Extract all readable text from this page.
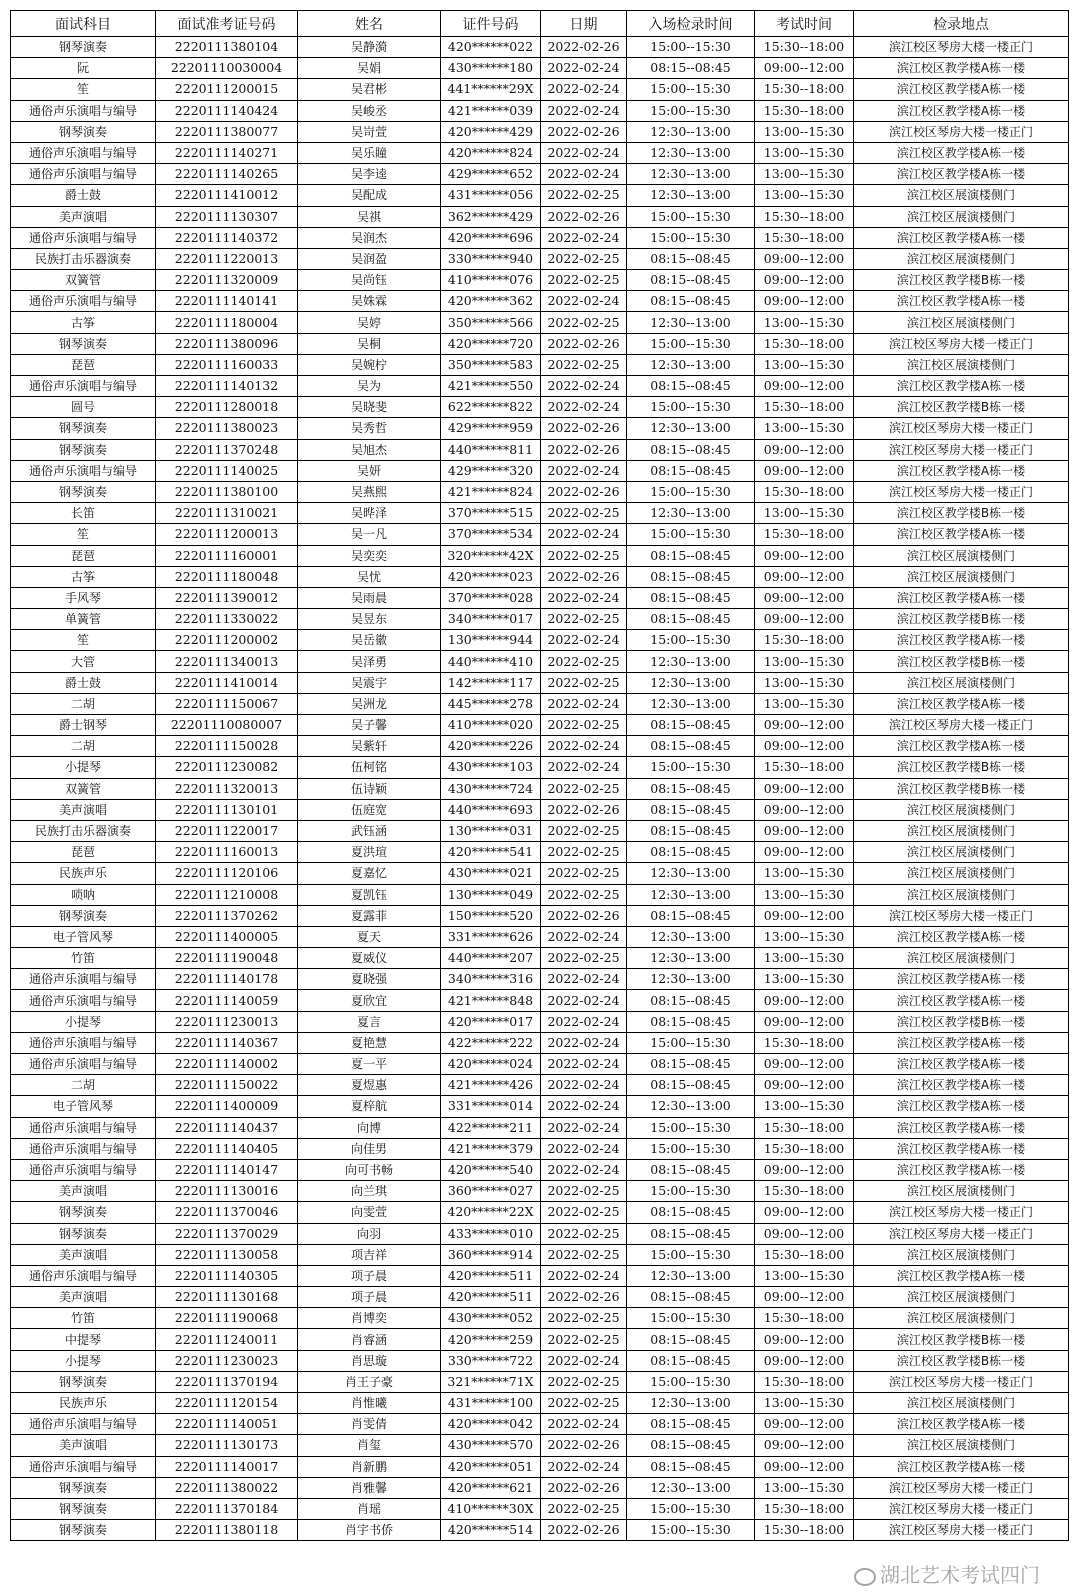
面试科目	面试准考证号码	姓名	证件号码	日期	入场检录时间	考试时间	检录地点
钢琴演奏	2220111380104	吴静漪	420******022	2022-02-26	15:00--15:30	15:30--18:00	滨江校区琴房大楼一楼正门
阮	22201110030004	吴娟	430******180	2022-02-24	08:15--08:45	09:00--12:00	滨江校区教学楼A栋一楼
笙	2220111200015	吴君彬	441******29X	2022-02-24	15:00--15:30	15:30--18:00	滨江校区教学楼A栋一楼
通俗声乐演唱与编导	2220111140424	吴峻丞	421******039	2022-02-24	15:00--15:30	15:30--18:00	滨江校区教学楼A栋一楼
钢琴演奏	2220111380077	吴岢萱	420******429	2022-02-26	12:30--13:00	13:00--15:30	滨江校区琴房大楼一楼正门
通俗声乐演唱与编导	2220111140271	吴乐瞳	420******824	2022-02-24	12:30--13:00	13:00--15:30	滨江校区教学楼A栋一楼
通俗声乐演唱与编导	2220111140265	吴李逵	429******652	2022-02-24	12:30--13:00	13:00--15:30	滨江校区教学楼A栋一楼
爵士鼓	2220111410012	吴配成	431******056	2022-02-25	12:30--13:00	13:00--15:30	滨江校区展演楼侧门
美声演唱	2220111130307	吴祺	362******429	2022-02-26	15:00--15:30	15:30--18:00	滨江校区展演楼侧门
通俗声乐演唱与编导	2220111140372	吴润杰	420******696	2022-02-24	15:00--15:30	15:30--18:00	滨江校区教学楼A栋一楼
民族打击乐器演奏	2220111220013	吴润盈	330******940	2022-02-25	08:15--08:45	09:00--12:00	滨江校区展演楼侧门
双簧管	2220111320009	吴尚钰	410******076	2022-02-25	08:15--08:45	09:00--12:00	滨江校区教学楼B栋一楼
通俗声乐演唱与编导	2220111140141	吴姝霖	420******362	2022-02-24	08:15--08:45	09:00--12:00	滨江校区教学楼A栋一楼
古筝	2220111180004	吴婷	350******566	2022-02-25	12:30--13:00	13:00--15:30	滨江校区展演楼侧门
钢琴演奏	2220111380096	吴桐	420******720	2022-02-26	15:00--15:30	15:30--18:00	滨江校区琴房大楼一楼正门
琵琶	2220111160033	吴婉柠	350******583	2022-02-25	12:30--13:00	13:00--15:30	滨江校区展演楼侧门
通俗声乐演唱与编导	2220111140132	吴为	421******550	2022-02-24	08:15--08:45	09:00--12:00	滨江校区教学楼A栋一楼
圆号	2220111280018	吴晓斐	622******822	2022-02-24	15:00--15:30	15:30--18:00	滨江校区教学楼B栋一楼
钢琴演奏	2220111380023	吴秀哲	429******959	2022-02-26	12:30--13:00	13:00--15:30	滨江校区琴房大楼一楼正门
钢琴演奏	2220111370248	吴旭杰	440******811	2022-02-26	08:15--08:45	09:00--12:00	滨江校区琴房大楼一楼正门
通俗声乐演唱与编导	2220111140025	吴妍	429******320	2022-02-24	08:15--08:45	09:00--12:00	滨江校区教学楼A栋一楼
钢琴演奏	2220111380100	吴燕熙	421******824	2022-02-26	15:00--15:30	15:30--18:00	滨江校区琴房大楼一楼正门
长笛	2220111310021	吴晔泽	370******515	2022-02-25	12:30--13:00	13:00--15:30	滨江校区教学楼B栋一楼
笙	2220111200013	吴一凡	370******534	2022-02-24	15:00--15:30	15:30--18:00	滨江校区教学楼A栋一楼
琵琶	2220111160001	吴奕奕	320******42X	2022-02-25	08:15--08:45	09:00--12:00	滨江校区展演楼侧门
古筝	2220111180048	吴忧	420******023	2022-02-26	08:15--08:45	09:00--12:00	滨江校区展演楼侧门
手风琴	2220111390012	吴雨晨	370******028	2022-02-24	08:15--08:45	09:00--12:00	滨江校区教学楼A栋一楼
单簧管	2220111330022	吴昱东	340******017	2022-02-25	08:15--08:45	09:00--12:00	滨江校区教学楼B栋一楼
笙	2220111200002	吴岳徽	130******944	2022-02-24	15:00--15:30	15:30--18:00	滨江校区教学楼A栋一楼
大管	2220111340013	吴泽勇	440******410	2022-02-25	12:30--13:00	13:00--15:30	滨江校区教学楼B栋一楼
爵士鼓	2220111410014	吴震宇	142******117	2022-02-25	12:30--13:00	13:00--15:30	滨江校区展演楼侧门
二胡	2220111150067	吴洲龙	445******278	2022-02-24	12:30--13:00	13:00--15:30	滨江校区教学楼A栋一楼
爵士钢琴	22201110080007	吴子馨	410******020	2022-02-25	08:15--08:45	09:00--12:00	滨江校区琴房大楼一楼正门
二胡	2220111150028	吴紫轩	420******226	2022-02-24	08:15--08:45	09:00--12:00	滨江校区教学楼A栋一楼
小提琴	2220111230082	伍柯铭	430******103	2022-02-24	15:00--15:30	15:30--18:00	滨江校区教学楼B栋一楼
双簧管	2220111320013	伍诗颖	430******724	2022-02-25	08:15--08:45	09:00--12:00	滨江校区教学楼B栋一楼
美声演唱	2220111130101	伍庭宽	440******693	2022-02-26	08:15--08:45	09:00--12:00	滨江校区展演楼侧门
民族打击乐器演奏	2220111220017	武钰涵	130******031	2022-02-25	08:15--08:45	09:00--12:00	滨江校区展演楼侧门
琵琶	2220111160013	夏洪瑄	420******541	2022-02-25	08:15--08:45	09:00--12:00	滨江校区展演楼侧门
民族声乐	2220111120106	夏嘉忆	430******021	2022-02-25	12:30--13:00	13:00--15:30	滨江校区展演楼侧门
唢呐	2220111210008	夏凯钰	130******049	2022-02-25	12:30--13:00	13:00--15:30	滨江校区展演楼侧门
钢琴演奏	2220111370262	夏露菲	150******520	2022-02-26	08:15--08:45	09:00--12:00	滨江校区琴房大楼一楼正门
电子管风琴	2220111400005	夏天	331******626	2022-02-24	12:30--13:00	13:00--15:30	滨江校区教学楼A栋一楼
竹笛	2220111190048	夏威仪	440******207	2022-02-25	12:30--13:00	13:00--15:30	滨江校区展演楼侧门
通俗声乐演唱与编导	2220111140178	夏晓强	340******316	2022-02-24	12:30--13:00	13:00--15:30	滨江校区教学楼A栋一楼
通俗声乐演唱与编导	2220111140059	夏欣宜	421******848	2022-02-24	08:15--08:45	09:00--12:00	滨江校区教学楼A栋一楼
小提琴	2220111230013	夏言	420******017	2022-02-24	08:15--08:45	09:00--12:00	滨江校区教学楼B栋一楼
通俗声乐演唱与编导	2220111140367	夏艳慧	422******222	2022-02-24	15:00--15:30	15:30--18:00	滨江校区教学楼A栋一楼
通俗声乐演唱与编导	2220111140002	夏一平	420******024	2022-02-24	08:15--08:45	09:00--12:00	滨江校区教学楼A栋一楼
二胡	2220111150022	夏煜惠	421******426	2022-02-24	08:15--08:45	09:00--12:00	滨江校区教学楼A栋一楼
电子管风琴	2220111400009	夏梓航	331******014	2022-02-24	12:30--13:00	13:00--15:30	滨江校区教学楼A栋一楼
通俗声乐演唱与编导	2220111140437	向博	422******211	2022-02-24	15:00--15:30	15:30--18:00	滨江校区教学楼A栋一楼
通俗声乐演唱与编导	2220111140405	向佳男	421******379	2022-02-24	15:00--15:30	15:30--18:00	滨江校区教学楼A栋一楼
通俗声乐演唱与编导	2220111140147	向可书畅	420******540	2022-02-24	08:15--08:45	09:00--12:00	滨江校区教学楼A栋一楼
美声演唱	2220111130016	向兰琪	360******027	2022-02-25	15:00--15:30	15:30--18:00	滨江校区展演楼侧门
钢琴演奏	2220111370046	向雯萱	420******22X	2022-02-25	08:15--08:45	09:00--12:00	滨江校区琴房大楼一楼正门
钢琴演奏	2220111370029	向羽	433******010	2022-02-25	08:15--08:45	09:00--12:00	滨江校区琴房大楼一楼正门
美声演唱	2220111130058	项吉祥	360******914	2022-02-25	15:00--15:30	15:30--18:00	滨江校区展演楼侧门
通俗声乐演唱与编导	2220111140305	项子晨	420******511	2022-02-24	12:30--13:00	13:00--15:30	滨江校区教学楼A栋一楼
美声演唱	2220111130168	项子晨	420******511	2022-02-26	08:15--08:45	09:00--12:00	滨江校区展演楼侧门
竹笛	2220111190068	肖博奕	430******052	2022-02-25	15:00--15:30	15:30--18:00	滨江校区展演楼侧门
中提琴	2220111240011	肖睿涵	420******259	2022-02-25	08:15--08:45	09:00--12:00	滨江校区教学楼B栋一楼
小提琴	2220111230023	肖思璇	330******722	2022-02-24	08:15--08:45	09:00--12:00	滨江校区教学楼B栋一楼
钢琴演奏	2220111370194	肖王子豪	321******71X	2022-02-25	15:00--15:30	15:30--18:00	滨江校区琴房大楼一楼正门
民族声乐	2220111120154	肖惟曦	431******100	2022-02-25	12:30--13:00	13:00--15:30	滨江校区展演楼侧门
通俗声乐演唱与编导	2220111140051	肖雯倩	420******042	2022-02-24	08:15--08:45	09:00--12:00	滨江校区教学楼A栋一楼
美声演唱	2220111130173	肖玺	430******570	2022-02-26	08:15--08:45	09:00--12:00	滨江校区展演楼侧门
通俗声乐演唱与编导	2220111140017	肖新鹏	420******051	2022-02-24	08:15--08:45	09:00--12:00	滨江校区教学楼A栋一楼
钢琴演奏	2220111380022	肖雅馨	420******621	2022-02-26	12:30--13:00	13:00--15:30	滨江校区琴房大楼一楼正门
钢琴演奏	2220111370184	肖瑶	410******30X	2022-02-25	15:00--15:30	15:30--18:00	滨江校区琴房大楼一楼正门
钢琴演奏	2220111380118	肖宇书侨	420******514	2022-02-26	15:00--15:30	15:30--18:00	滨江校区琴房大楼一楼正门
湖北艺术考试四门
